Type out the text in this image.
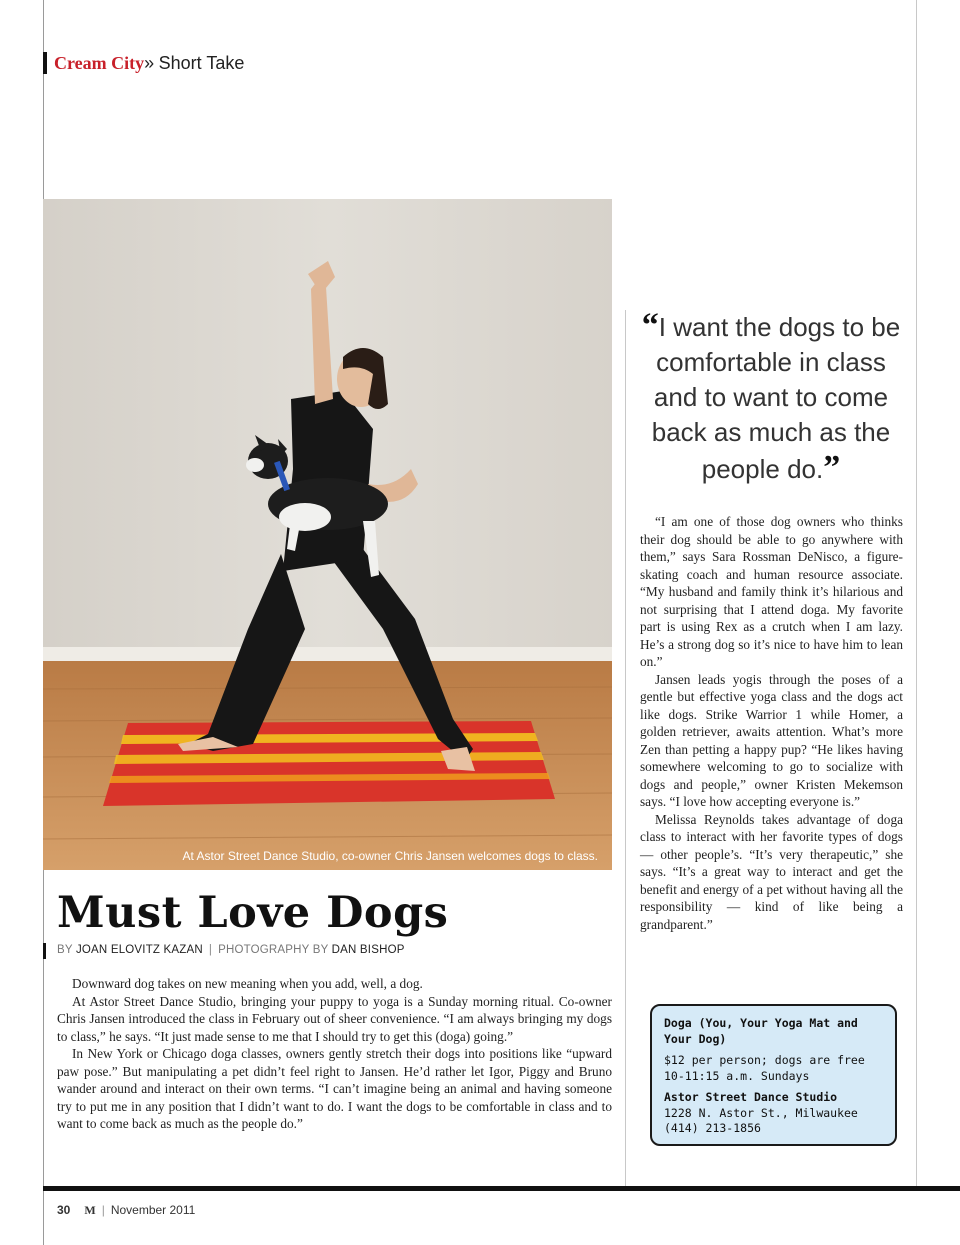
Cream City» Short Take
At Astor Street Dance Studio, co-owner Chris Jansen welcomes dogs to class.
Must Love Dogs
BY JOAN ELOVITZ KAZAN | PHOTOGRAPHY BY DAN BISHOP

Downward dog takes on new meaning when you add, well, a dog.

At Astor Street Dance Studio, bringing your puppy to yoga is a Sunday morning ritual. Co-owner Chris Jansen introduced the class in February out of sheer convenience. “I am always bringing my dogs to class,” he says. “It just made sense to me that I should try to get this (doga) going.”

In New York or Chicago doga classes, owners gently stretch their dogs into positions like “upward paw pose.” But manipulating a pet didn’t feel right to Jansen. He’d rather let Igor, Piggy and Bruno wander around and interact on their own terms. “I can’t imagine being an animal and having someone try to put me in any position that I didn’t want to do. I want the dogs to be comfortable in class and to want to come back as much as the people do.”

“I want the dogs to be comfortable in class and to want to come back as much as the people do.”

“I am one of those dog owners who thinks their dog should be able to go anywhere with them,” says Sara Rossman DeNisco, a figure-skating coach and human resource associate. “My husband and family think it’s hilarious and not surprising that I attend doga. My favorite part is using Rex as a crutch when I am lazy. He’s a strong dog so it’s nice to have him to lean on.”

Jansen leads yogis through the poses of a gentle but effective yoga class and the dogs act like dogs. Strike Warrior 1 while Homer, a golden retriever, awaits attention. What’s more Zen than petting a happy pup? “He likes having somewhere welcoming to go to socialize with dogs and people,” owner Kristen Mekemson says. “I love how accepting everyone is.”

Melissa Reynolds takes advantage of doga class to interact with her favorite types of dogs — other people’s. “It’s very therapeutic,” she says. “It’s a great way to interact and get the benefit and energy of a pet without having all the responsibility — kind of like being a grandparent.”

Doga (You, Your Yoga Mat and Your Dog)
$12 per person; dogs are free
10-11:15 a.m. Sundays
Astor Street Dance Studio
1228 N. Astor St., Milwaukee
(414) 213-1856
30 M | November 2011
